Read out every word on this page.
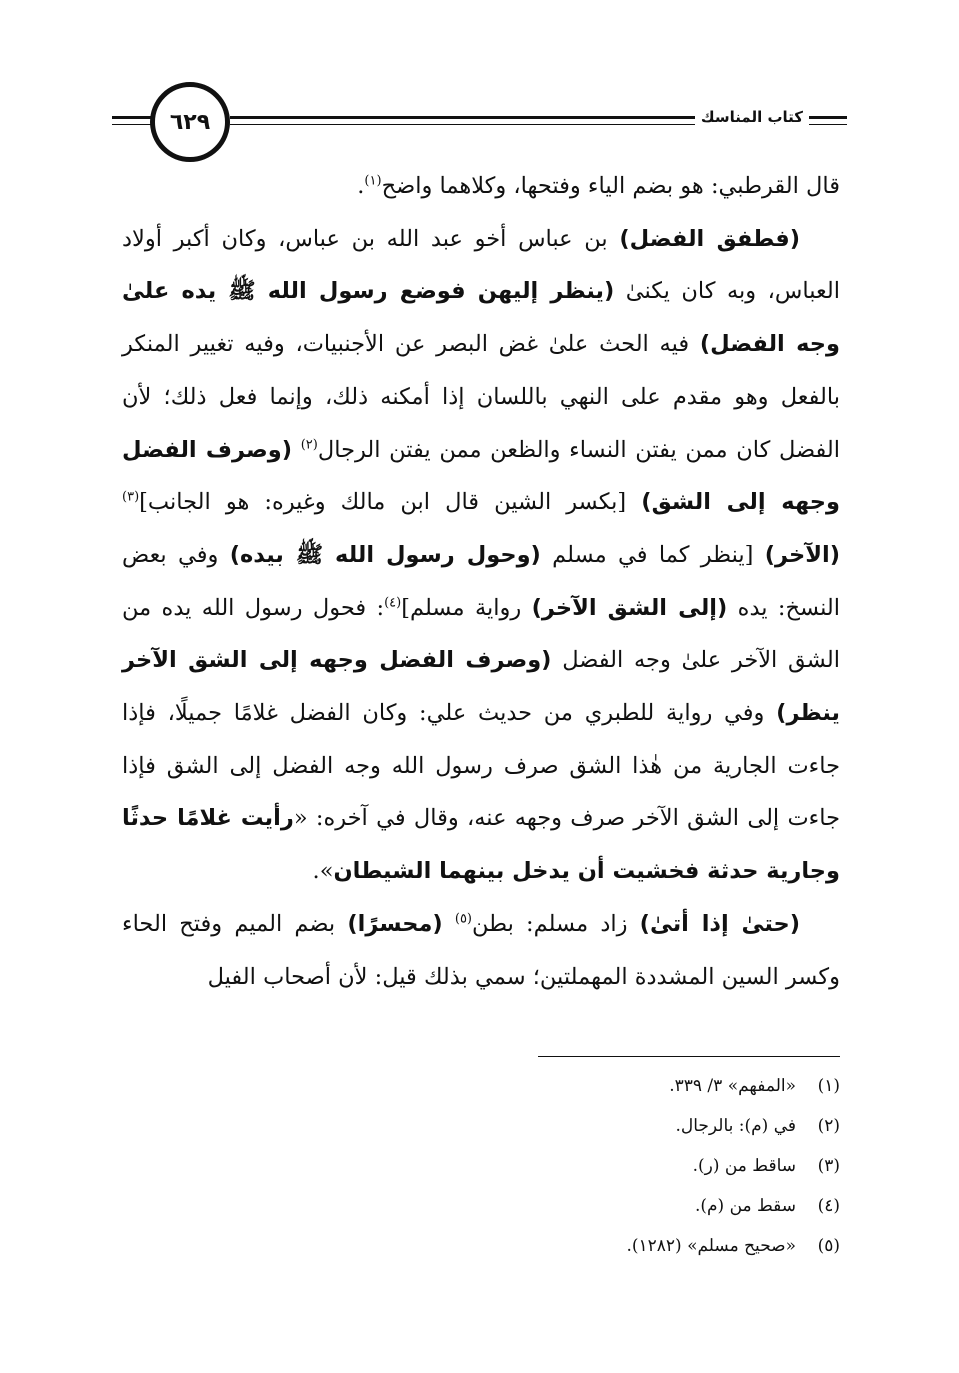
٦٢٩	كتاب المناسك

قال القرطبي: هو بضم الياء وفتحها، وكلاهما واضح$^{(١)}$.

(فطفق الفضل) بن عباس أخو عبد الله بن عباس، وكان أكبر أولاد العباس، وبه كان يكنىٰ (ينظر إليهن فوضع رسول الله ﷺ يده علىٰ وجه الفضل) فيه الحث علىٰ غض البصر عن الأجنبيات، وفيه تغيير المنكر بالفعل وهو مقدم على النهي باللسان إذا أمكنه ذلك، وإنما فعل ذلك؛ لأن الفضل كان ممن يفتن النساء والظعن ممن يفتن الرجال$^{(٢)}$ (وصرف الفضل وجهه إلى الشق) [بكسر الشين قال ابن مالك وغيره: هو الجانب]$^{(٣)}$ (الآخر) [ينظر كما في مسلم (وحول رسول الله ﷺ بيده) وفي بعض النسخ: يده (إلى الشق الآخر) رواية مسلم]$^{(٤)}$: فحول رسول الله يده من الشق الآخر علىٰ وجه الفضل (وصرف الفضل وجهه إلى الشق الآخر ينظر) وفي رواية للطبري من حديث علي: وكان الفضل غلامًا جميلًا، فإذا جاءت الجارية من هٰذا الشق صرف رسول الله وجه الفضل إلى الشق فإذا جاءت إلى الشق الآخر صرف وجهه عنه، وقال في آخره: «رأيت غلامًا حدثًا وجارية حدثة فخشيت أن يدخل بينهما الشيطان».

(حتىٰ إذا أتىٰ) زاد مسلم: بطن$^{(٥)}$ (محسرًا) بضم الميم وفتح الحاء وكسر السين المشددة المهملتين؛ سمي بذلك قيل: لأن أصحاب الفيل

(١)«المفهم» ٣/ ٣٣٩.
(٢)في (م): بالرجال.
(٣)ساقط من (ر).
(٤)سقط من (م).
(٥)«صحيح مسلم» (١٢٨٢).
